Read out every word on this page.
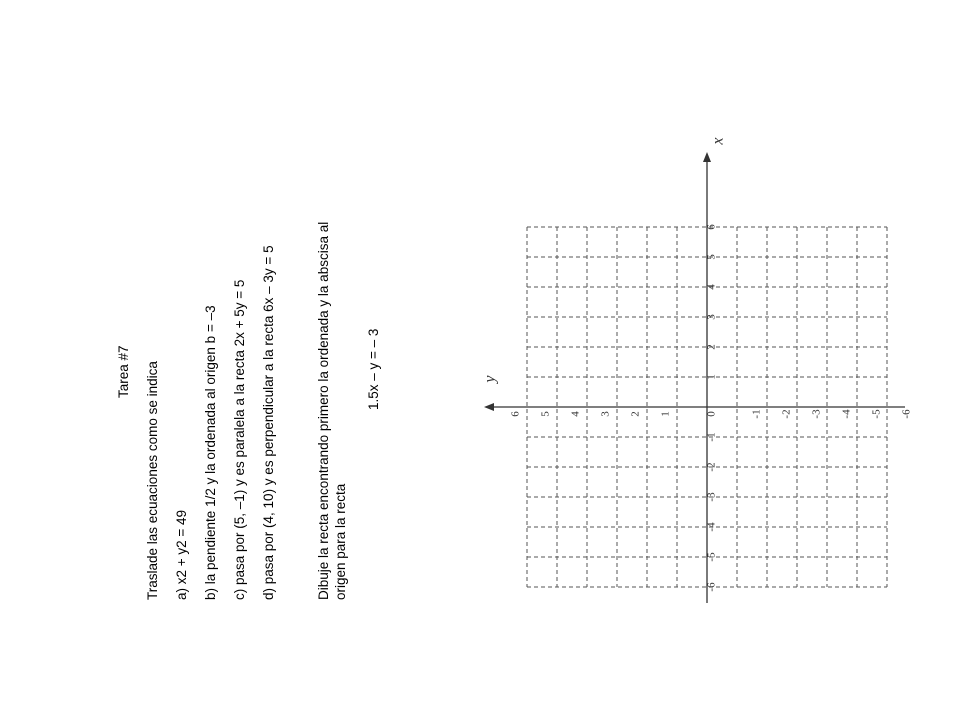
Tarea #7 Traslade las ecuaciones como se indica a) x2 + y2 = 49 b) la pendiente 1/2 y la ordenada al origen b = –3 c) pasa por (5, –1) y es paralela a la recta 2x + 5y = 5 d) pasa por (4, 10) y es perpendicular a la recta 6x – 3y = 5	Dibuje la recta encontrando primero la ordenada y la abscisa al origen para la recta
1.5x – y = – 3
x
y
0
1
2
3
4
5
6
-1
-2
-3
-4
-5
-6
1
2
3
4
5
6	-1 -2 -3 -4 -5 -6
